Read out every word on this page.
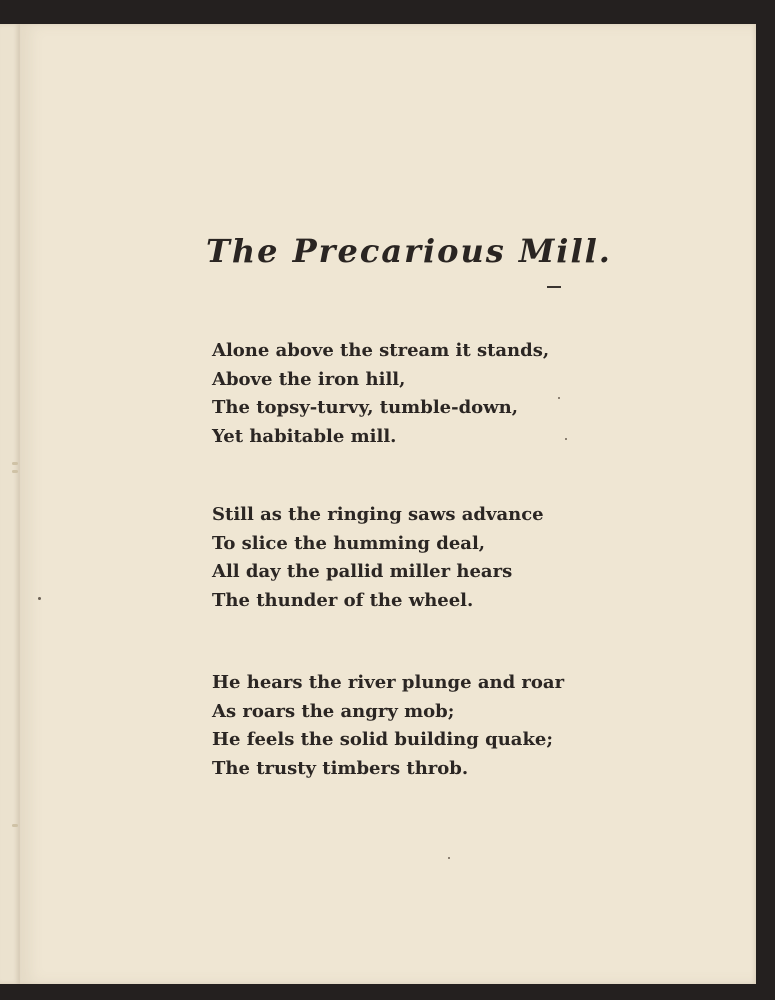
The Precarious Mill.
Alone above the stream it stands,
Above the iron hill,
The topsy-turvy, tumble-down,
Yet habitable mill.
Still as the ringing saws advance
To slice the humming deal,
All day the pallid miller hears
The thunder of the wheel.
He hears the river plunge and roar
As roars the angry mob;
He feels the solid building quake;
The trusty timbers throb.
